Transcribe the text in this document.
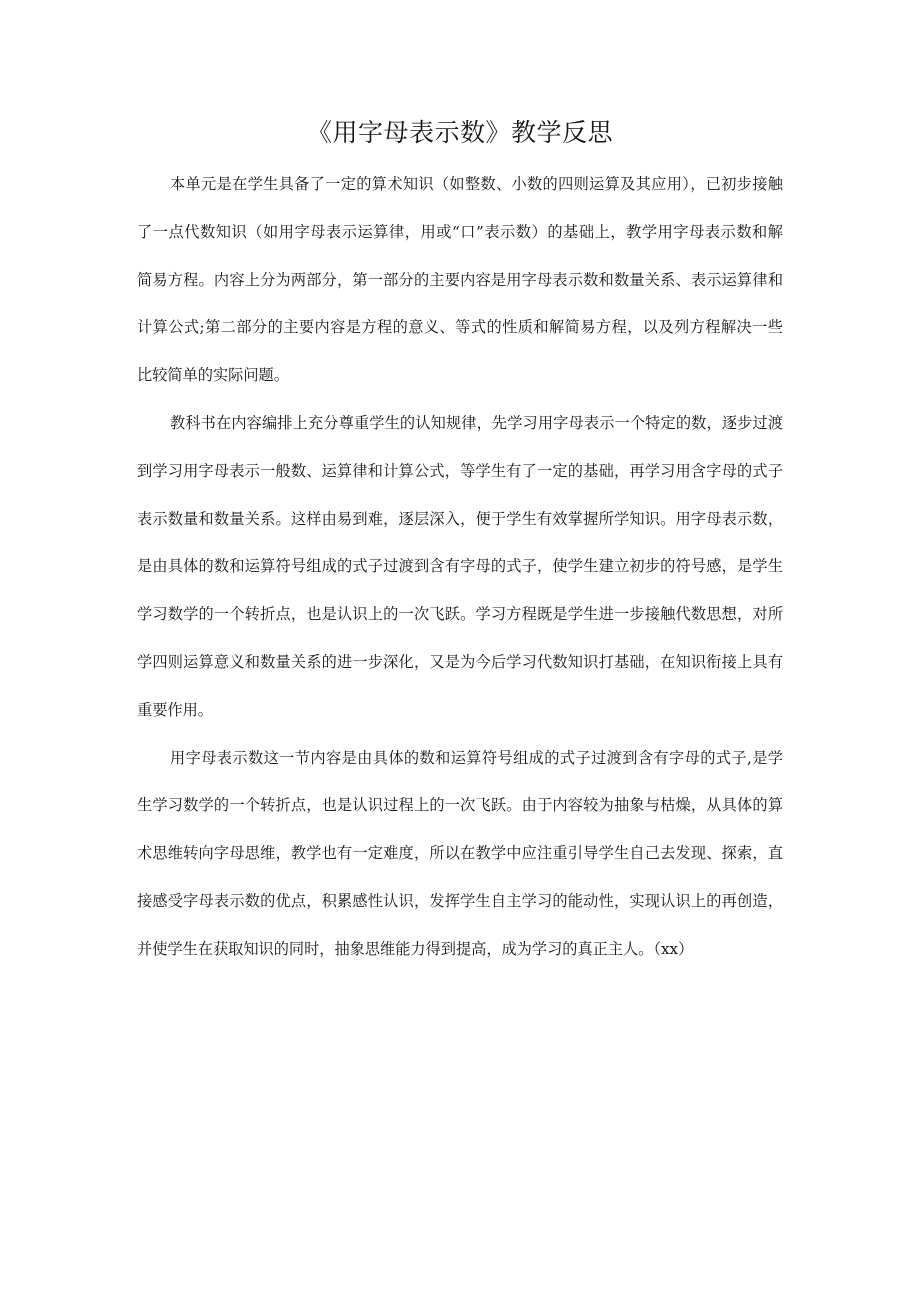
《用字母表示数》教学反思
本单元是在学生具备了一定的算术知识（如整数、小数的四则运算及其应用），已初步接触
了一点代数知识（如用字母表示运算律，用或“口”表示数）的基础上，教学用字母表示数和解
简易方程。内容上分为两部分，第一部分的主要内容是用字母表示数和数量关系、表示运算律和
计算公式;第二部分的主要内容是方程的意义、等式的性质和解简易方程，以及列方程解决一些
比较简单的实际问题。
教科书在内容编排上充分尊重学生的认知规律，先学习用字母表示一个特定的数，逐步过渡
到学习用字母表示一般数、运算律和计算公式，等学生有了一定的基础，再学习用含字母的式子
表示数量和数量关系。这样由易到难，逐层深入，便于学生有效掌握所学知识。用字母表示数，
是由具体的数和运算符号组成的式子过渡到含有字母的式子，使学生建立初步的符号感，是学生
学习数学的一个转折点，也是认识上的一次飞跃。学习方程既是学生进一步接触代数思想，对所
学四则运算意义和数量关系的进一步深化，又是为今后学习代数知识打基础，在知识衔接上具有
重要作用。
用字母表示数这一节内容是由具体的数和运算符号组成的式子过渡到含有字母的式子,是学
生学习数学的一个转折点，也是认识过程上的一次飞跃。由于内容较为抽象与枯燥，从具体的算
术思维转向字母思维，教学也有一定难度，所以在教学中应注重引导学生自己去发现、探索，直
接感受字母表示数的优点，积累感性认识，发挥学生自主学习的能动性，实现认识上的再创造，
并使学生在获取知识的同时，抽象思维能力得到提高，成为学习的真正主人。（xx）
